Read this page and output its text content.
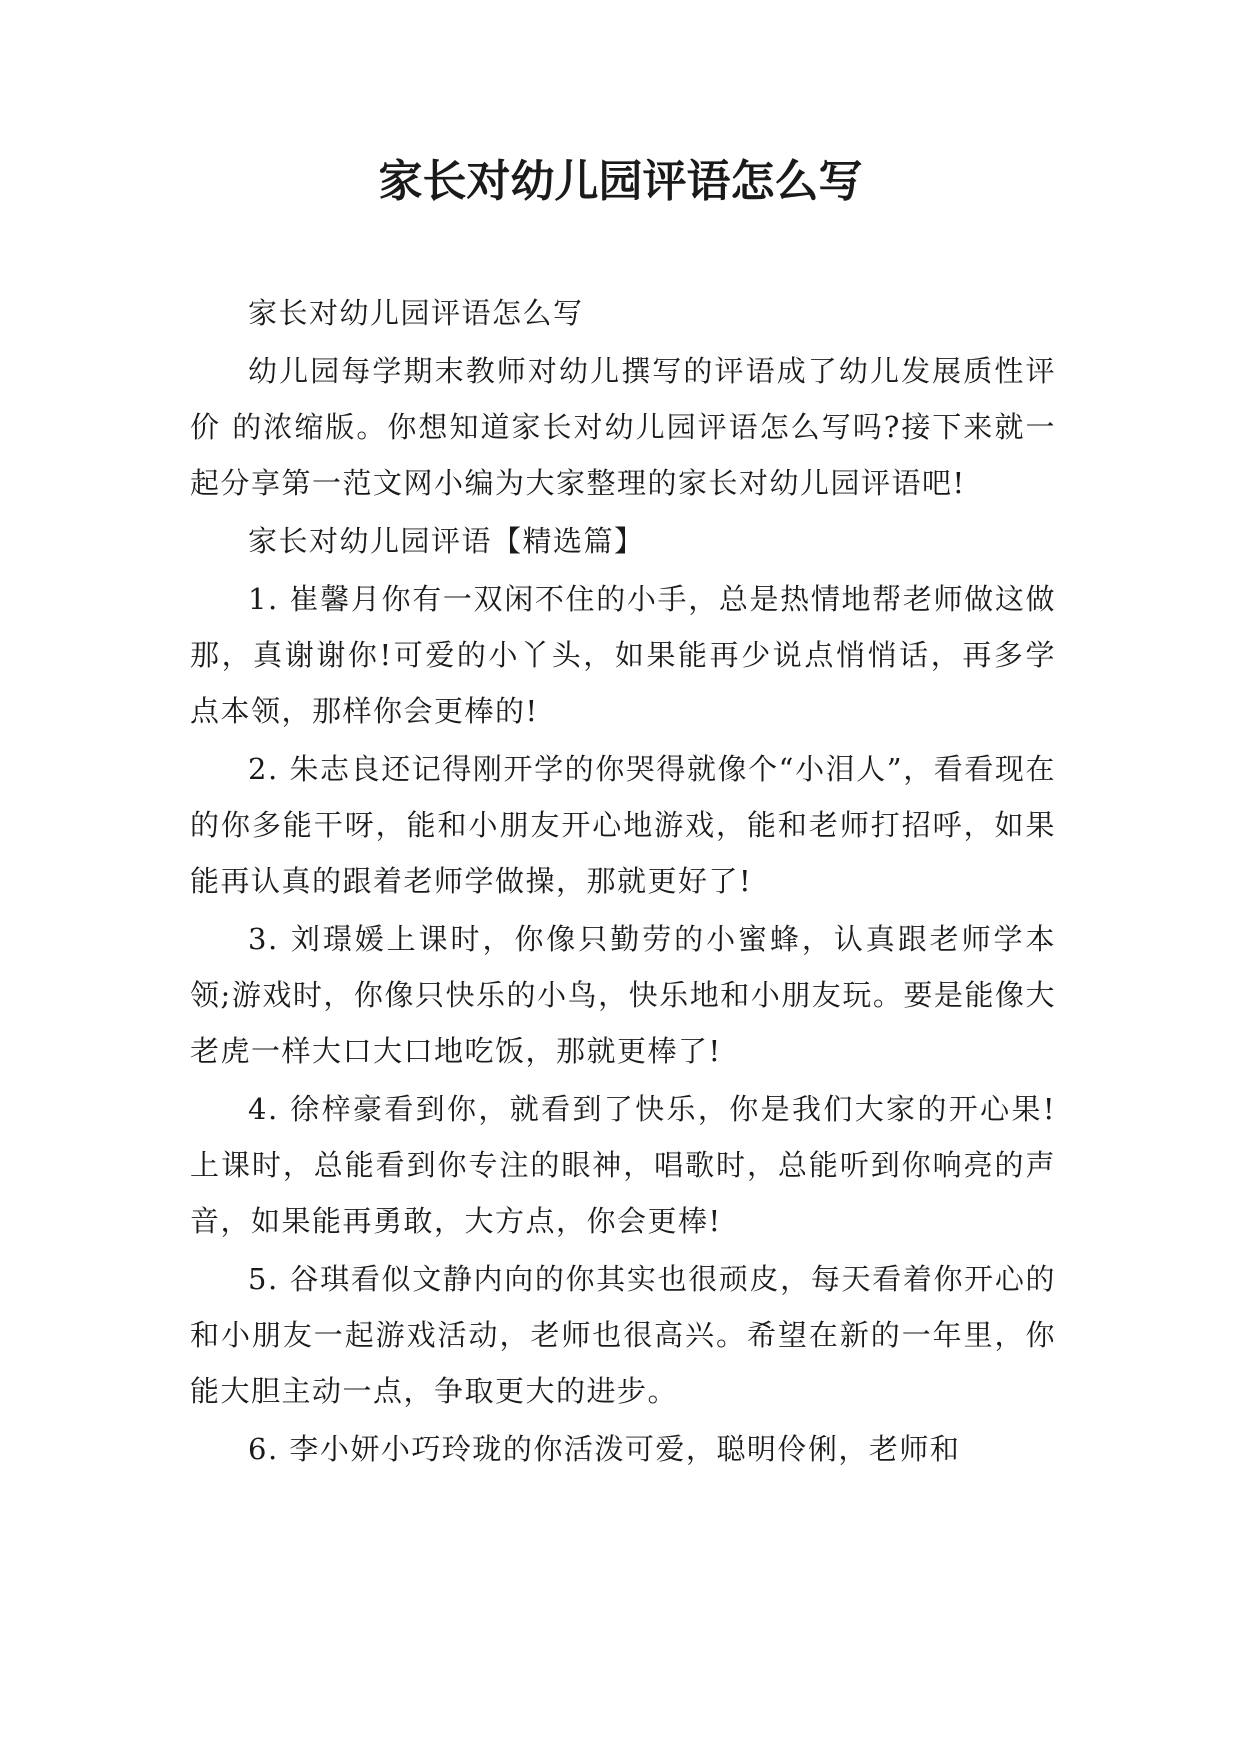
家长对幼儿园评语怎么写

家长对幼儿园评语怎么写

幼儿园每学期末教师对幼儿撰写的评语成了幼儿发展质性评价 的浓缩版。你想知道家长对幼儿园评语怎么写吗?接下来就一起分享第一范文网小编为大家整理的家长对幼儿园评语吧!

家长对幼儿园评语【精选篇】

1. 崔馨月你有一双闲不住的小手，总是热情地帮老师做这做那，真谢谢你!可爱的小丫头，如果能再少说点悄悄话，再多学点本领，那样你会更棒的!

2. 朱志良还记得刚开学的你哭得就像个“小泪人”，看看现在的你多能干呀，能和小朋友开心地游戏，能和老师打招呼，如果能再认真的跟着老师学做操，那就更好了!

3. 刘璟媛上课时，你像只勤劳的小蜜蜂，认真跟老师学本领;游戏时，你像只快乐的小鸟，快乐地和小朋友玩。要是能像大老虎一样大口大口地吃饭，那就更棒了!

4. 徐梓豪看到你，就看到了快乐，你是我们大家的开心果!上课时，总能看到你专注的眼神，唱歌时，总能听到你响亮的声音，如果能再勇敢，大方点，你会更棒!

5. 谷琪看似文静内向的你其实也很顽皮，每天看着你开心的和小朋友一起游戏活动，老师也很高兴。希望在新的一年里，你能大胆主动一点，争取更大的进步。

6. 李小妍小巧玲珑的你活泼可爱，聪明伶俐，老师和
